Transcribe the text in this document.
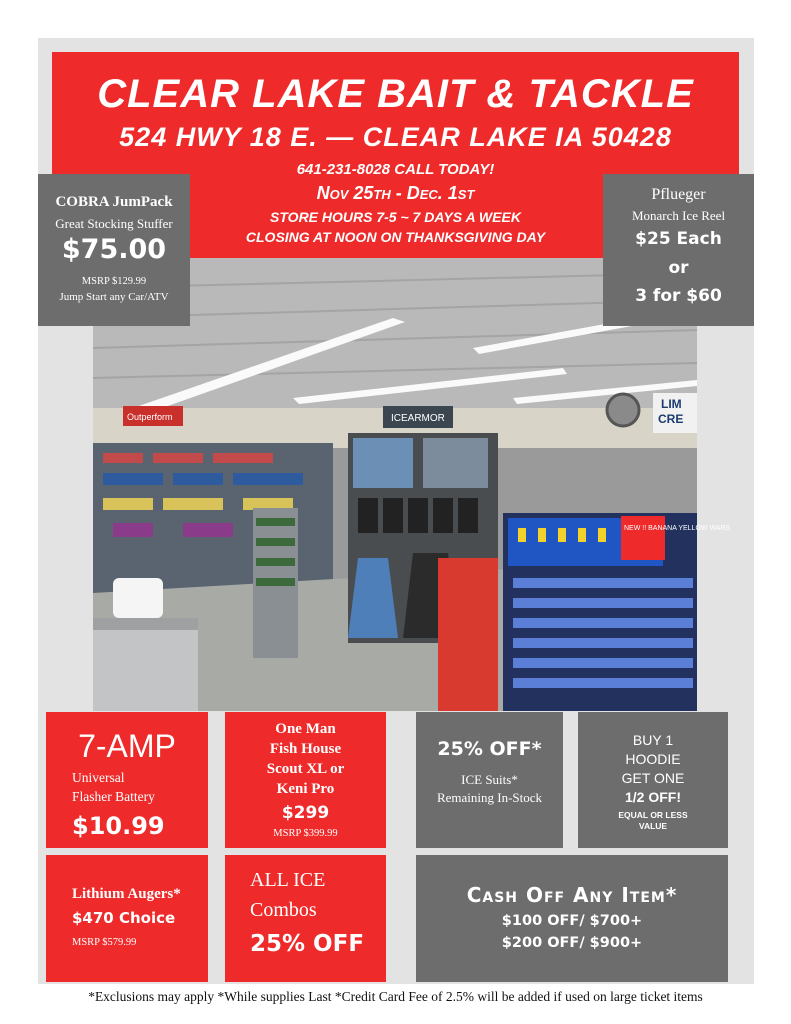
CLEAR LAKE BAIT & TACKLE
524 HWY 18 E. — CLEAR LAKE IA 50428
641-231-8028 CALL TODAY!
Nov 25th - Dec. 1st
STORE HOURS 7-5 ~ 7 DAYS A WEEK
CLOSING AT NOON ON THANKSGIVING DAY
Outperform	ICEARMOR
LIM
CRE
NEW !! BANANA YELLOW WARS
COBRA JumPack
Great Stocking Stuffer
$75.00
MSRP $129.99
Jump Start any Car/ATV
Pflueger
Monarch Ice Reel
$25 Each
or
3 for $60
7-AMP
Universal
Flasher Battery
$10.99
One Man
Fish House
Scout XL or
Keni Pro
$299
MSRP $399.99
25% OFF*
ICE Suits*
Remaining In-Stock
BUY 1
HOODIE
GET ONE
1/2 OFF!
EQUAL OR LESS
VALUE
Lithium Augers*
$470 Choice
MSRP $579.99
ALL ICE
Combos
25% OFF
Cash Off Any Item*
$100 OFF/ $700+
$200 OFF/ $900+
*Exclusions may apply *While supplies Last *Credit Card Fee of 2.5% will be added if used on large ticket items
